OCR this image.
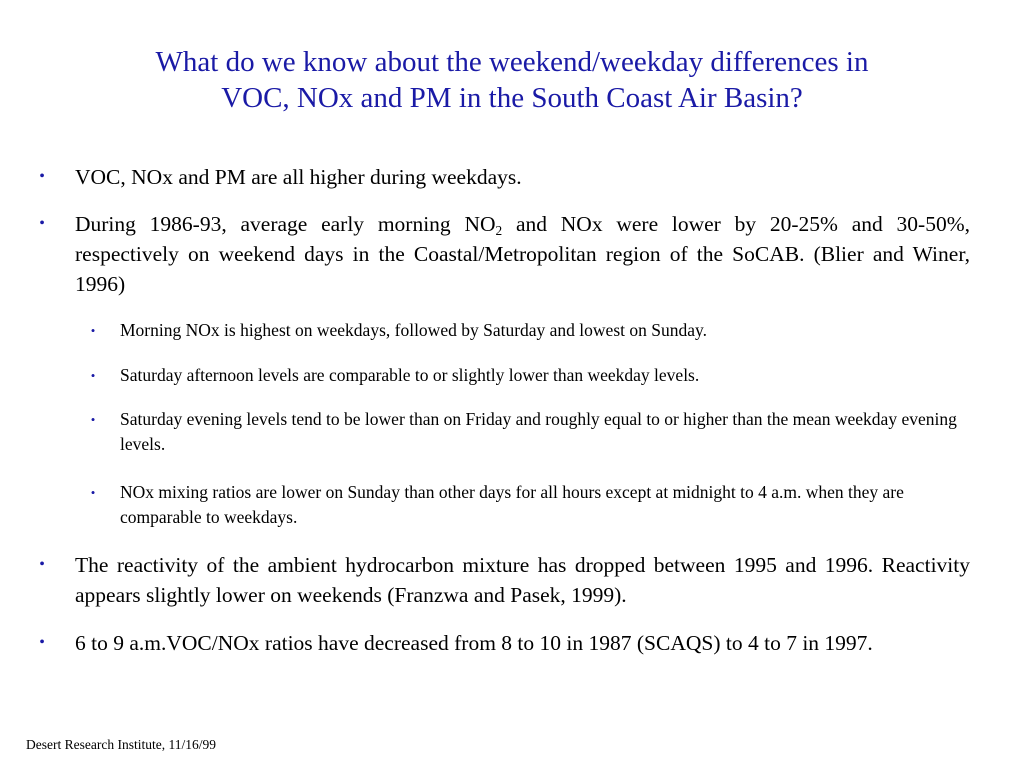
What do we know about the weekend/weekday differences in
VOC, NOx and PM in the South Coast Air Basin?
• VOC, NOx and PM are all higher during weekdays.
• During 1986-93, average early morning $NO_2$ and NOx were lower by 20-25% and 30-50%, respectively on weekend days in the Coastal/Metropolitan region of the SoCAB. (Blier and Winer, 1996)
• Morning NOx is highest on weekdays, followed by Saturday and lowest on Sunday.
• Saturday afternoon levels are comparable to or slightly lower than weekday levels.
• Saturday evening levels tend to be lower than on Friday and roughly equal to or higher than the mean weekday evening levels.
• NOx mixing ratios are lower on Sunday than other days for all hours except at midnight to 4 a.m. when they are comparable to weekdays.
• The reactivity of the ambient hydrocarbon mixture has dropped between 1995 and 1996. Reactivity appears slightly lower on weekends (Franzwa and Pasek, 1999).
• 6 to 9 a.m.VOC/NOx ratios have decreased from 8 to 10 in 1987 (SCAQS) to 4 to 7 in 1997.
Desert Research Institute, 11/16/99
